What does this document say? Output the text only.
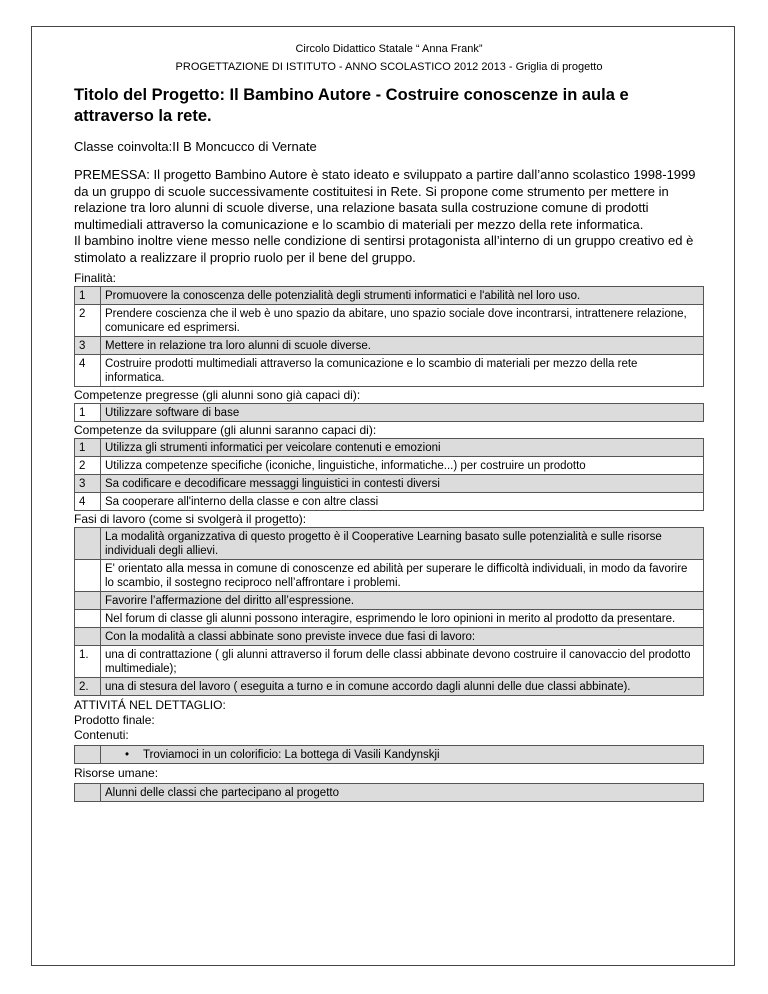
Circolo Didattico Statale “ Anna Frank”
PROGETTAZIONE DI ISTITUTO - ANNO SCOLASTICO 2012 2013 - Griglia di progetto
Titolo del Progetto: Il Bambino Autore - Costruire conoscenze in aula e attraverso la rete.
Classe coinvolta:II B Moncucco di Vernate

PREMESSA: Il progetto Bambino Autore è stato ideato e sviluppato a partire dall’anno scolastico 1998-1999 da un gruppo di scuole successivamente costituitesi in Rete. Si propone come strumento per mettere in relazione tra loro alunni di scuole diverse, una relazione basata sulla costruzione comune di prodotti multimediali attraverso la comunicazione e lo scambio di materiali per mezzo della rete informatica.

Il bambino inoltre viene messo nelle condizione di sentirsi protagonista all’interno di un gruppo creativo ed è stimolato a realizzare il proprio ruolo per il bene del gruppo.

Finalità:
1	Promuovere la conoscenza delle potenzialità degli strumenti informatici e l'abilità nel loro uso.
2	Prendere coscienza che il web è uno spazio da abitare, uno spazio sociale dove incontrarsi, intrattenere relazione, comunicare ed esprimersi.
3	Mettere in relazione tra loro alunni di scuole diverse.
4	Costruire prodotti multimediali attraverso la comunicazione e lo scambio di materiali per mezzo della rete informatica.
Competenze pregresse (gli alunni sono già capaci di):
1	Utilizzare software di base
Competenze da sviluppare (gli alunni saranno capaci di):
1	Utilizza gli strumenti informatici per veicolare contenuti e emozioni
2	Utilizza competenze specifiche (iconiche, linguistiche, informatiche...) per costruire un prodotto
3	Sa codificare e decodificare messaggi linguistici in contesti diversi
4	Sa cooperare all'interno della classe e con altre classi
Fasi di lavoro (come si svolgerà il progetto):
	La modalità organizzativa di questo progetto è il Cooperative Learning basato sulle potenzialità e sulle risorse individuali degli allievi.
	E' orientato alla messa in comune di conoscenze ed abilità per superare le difficoltà individuali, in modo da favorire lo scambio, il sostegno reciproco nell’affrontare i problemi.
	Favorire l’affermazione del diritto all’espressione.
	Nel forum di classe gli alunni possono interagire, esprimendo le loro opinioni in merito al prodotto da presentare.
	Con la modalità a classi abbinate sono previste invece due fasi di lavoro:
1.	una di contrattazione ( gli alunni attraverso il forum delle classi abbinate devono costruire il canovaccio del prodotto multimediale);
2.	una di stesura del lavoro ( eseguita a turno e in comune accordo dagli alunni delle due classi abbinate).
ATTIVITÁ NEL DETTAGLIO:
Prodotto finale:
Contenuti:
	• Troviamoci in un colorificio: La bottega di Vasili Kandynskji
Risorse umane:
	Alunni delle classi che partecipano al progetto
